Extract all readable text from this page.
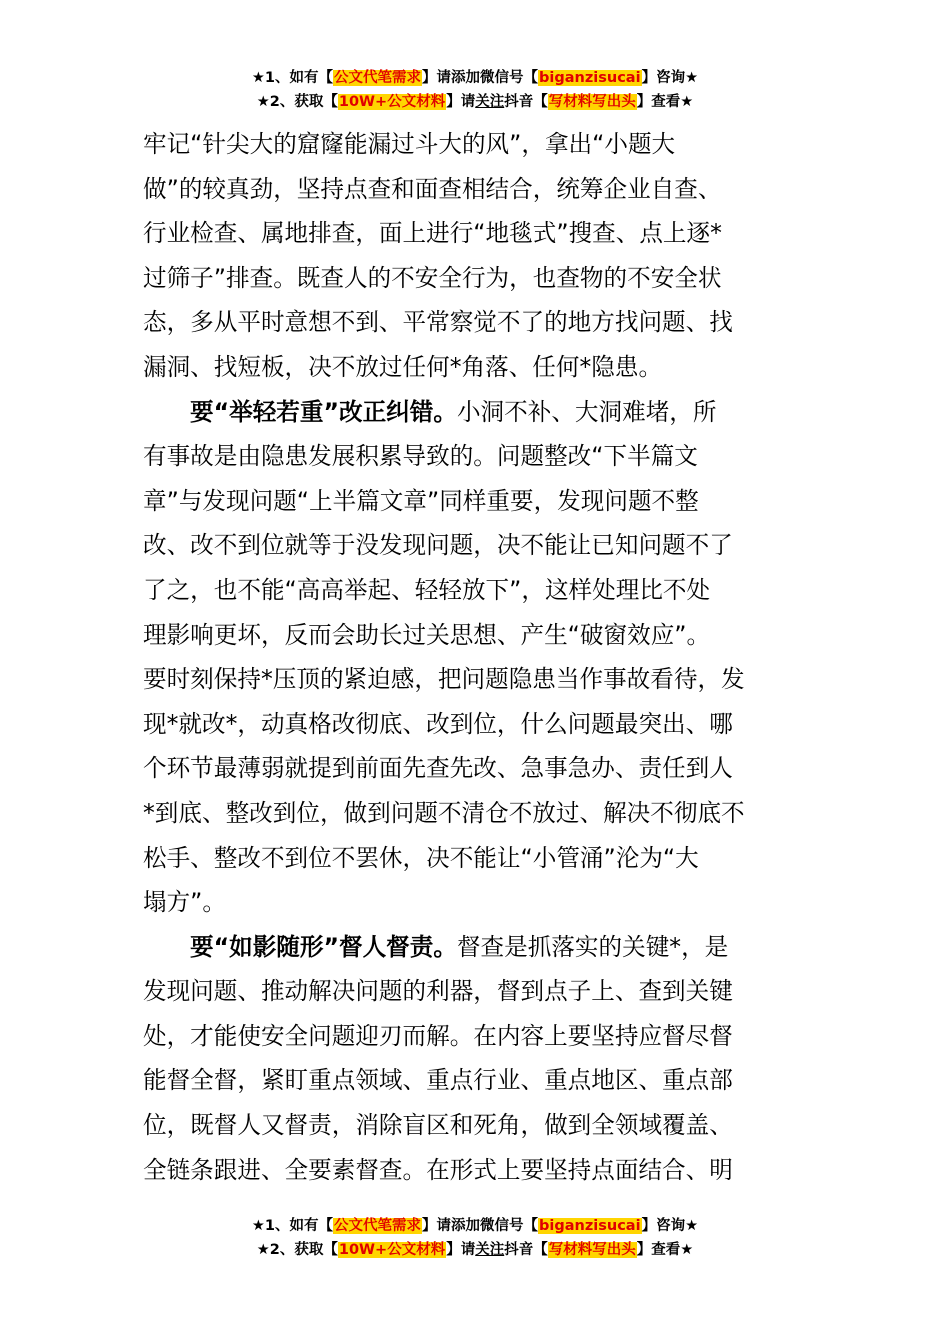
★1、如有【公文代笔需求】请添加微信号【biganzisucai】咨询★
★2、获取【10W+公文材料】请关注抖音【写材料写出头】查看★
牢记“针尖大的窟窿能漏过斗大的风”，拿出“小题大
做”的较真劲，坚持点查和面查相结合，统筹企业自查、
行业检查、属地排查，面上进行“地毯式”搜查、点上逐*
过筛子”排查。既查人的不安全行为，也查物的不安全状
态，多从平时意想不到、平常察觉不了的地方找问题、找
漏洞、找短板，决不放过任何*角落、任何*隐患。
要“举轻若重”改正纠错。小洞不补、大洞难堵，所
有事故是由隐患发展积累导致的。问题整改“下半篇文
章”与发现问题“上半篇文章”同样重要，发现问题不整
改、改不到位就等于没发现问题，决不能让已知问题不了
了之，也不能“高高举起、轻轻放下”，这样处理比不处
理影响更坏，反而会助长过关思想、产生“破窗效应”。
要时刻保持*压顶的紧迫感，把问题隐患当作事故看待，发
现*就改*，动真格改彻底、改到位，什么问题最突出、哪
个环节最薄弱就提到前面先查先改、急事急办、责任到人
*到底、整改到位，做到问题不清仓不放过、解决不彻底不
松手、整改不到位不罢休，决不能让“小管涌”沦为“大
塌方”。
要“如影随形”督人督责。督查是抓落实的关键*，是
发现问题、推动解决问题的利器，督到点子上、查到关键
处，才能使安全问题迎刃而解。在内容上要坚持应督尽督
能督全督，紧盯重点领域、重点行业、重点地区、重点部
位，既督人又督责，消除盲区和死角，做到全领域覆盖、
全链条跟进、全要素督查。在形式上要坚持点面结合、明
★1、如有【公文代笔需求】请添加微信号【biganzisucai】咨询★
★2、获取【10W+公文材料】请关注抖音【写材料写出头】查看★
